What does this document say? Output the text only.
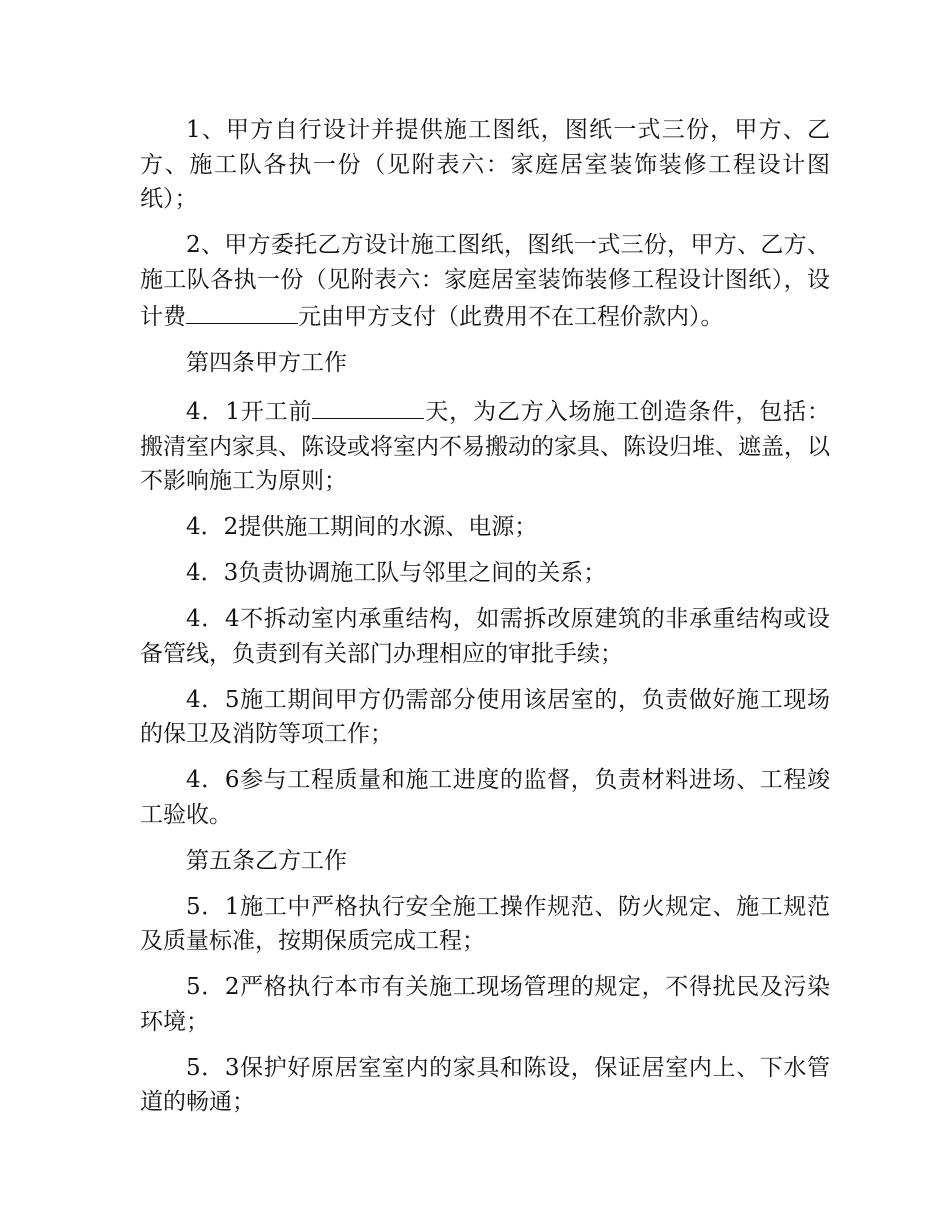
1、甲方自行设计并提供施工图纸，图纸一式三份，甲方、乙方、施工队各执一份（见附表六：家庭居室装饰装修工程设计图纸）；

2、甲方委托乙方设计施工图纸，图纸一式三份，甲方、乙方、施工队各执一份（见附表六：家庭居室装饰装修工程设计图纸），设计费	元由甲方支付（此费用不在工程价款内）。

第四条甲方工作

4．1开工前	天，为乙方入场施工创造条件，包括：搬清室内家具、陈设或将室内不易搬动的家具、陈设归堆、遮盖，以不影响施工为原则；

4．2提供施工期间的水源、电源；

4．3负责协调施工队与邻里之间的关系；

4．4不拆动室内承重结构，如需拆改原建筑的非承重结构或设备管线，负责到有关部门办理相应的审批手续；

4．5施工期间甲方仍需部分使用该居室的，负责做好施工现场的保卫及消防等项工作；

4．6参与工程质量和施工进度的监督，负责材料进场、工程竣工验收。

第五条乙方工作

5．1施工中严格执行安全施工操作规范、防火规定、施工规范及质量标准，按期保质完成工程；

5．2严格执行本市有关施工现场管理的规定，不得扰民及污染环境；

5．3保护好原居室室内的家具和陈设，保证居室内上、下水管道的畅通；
